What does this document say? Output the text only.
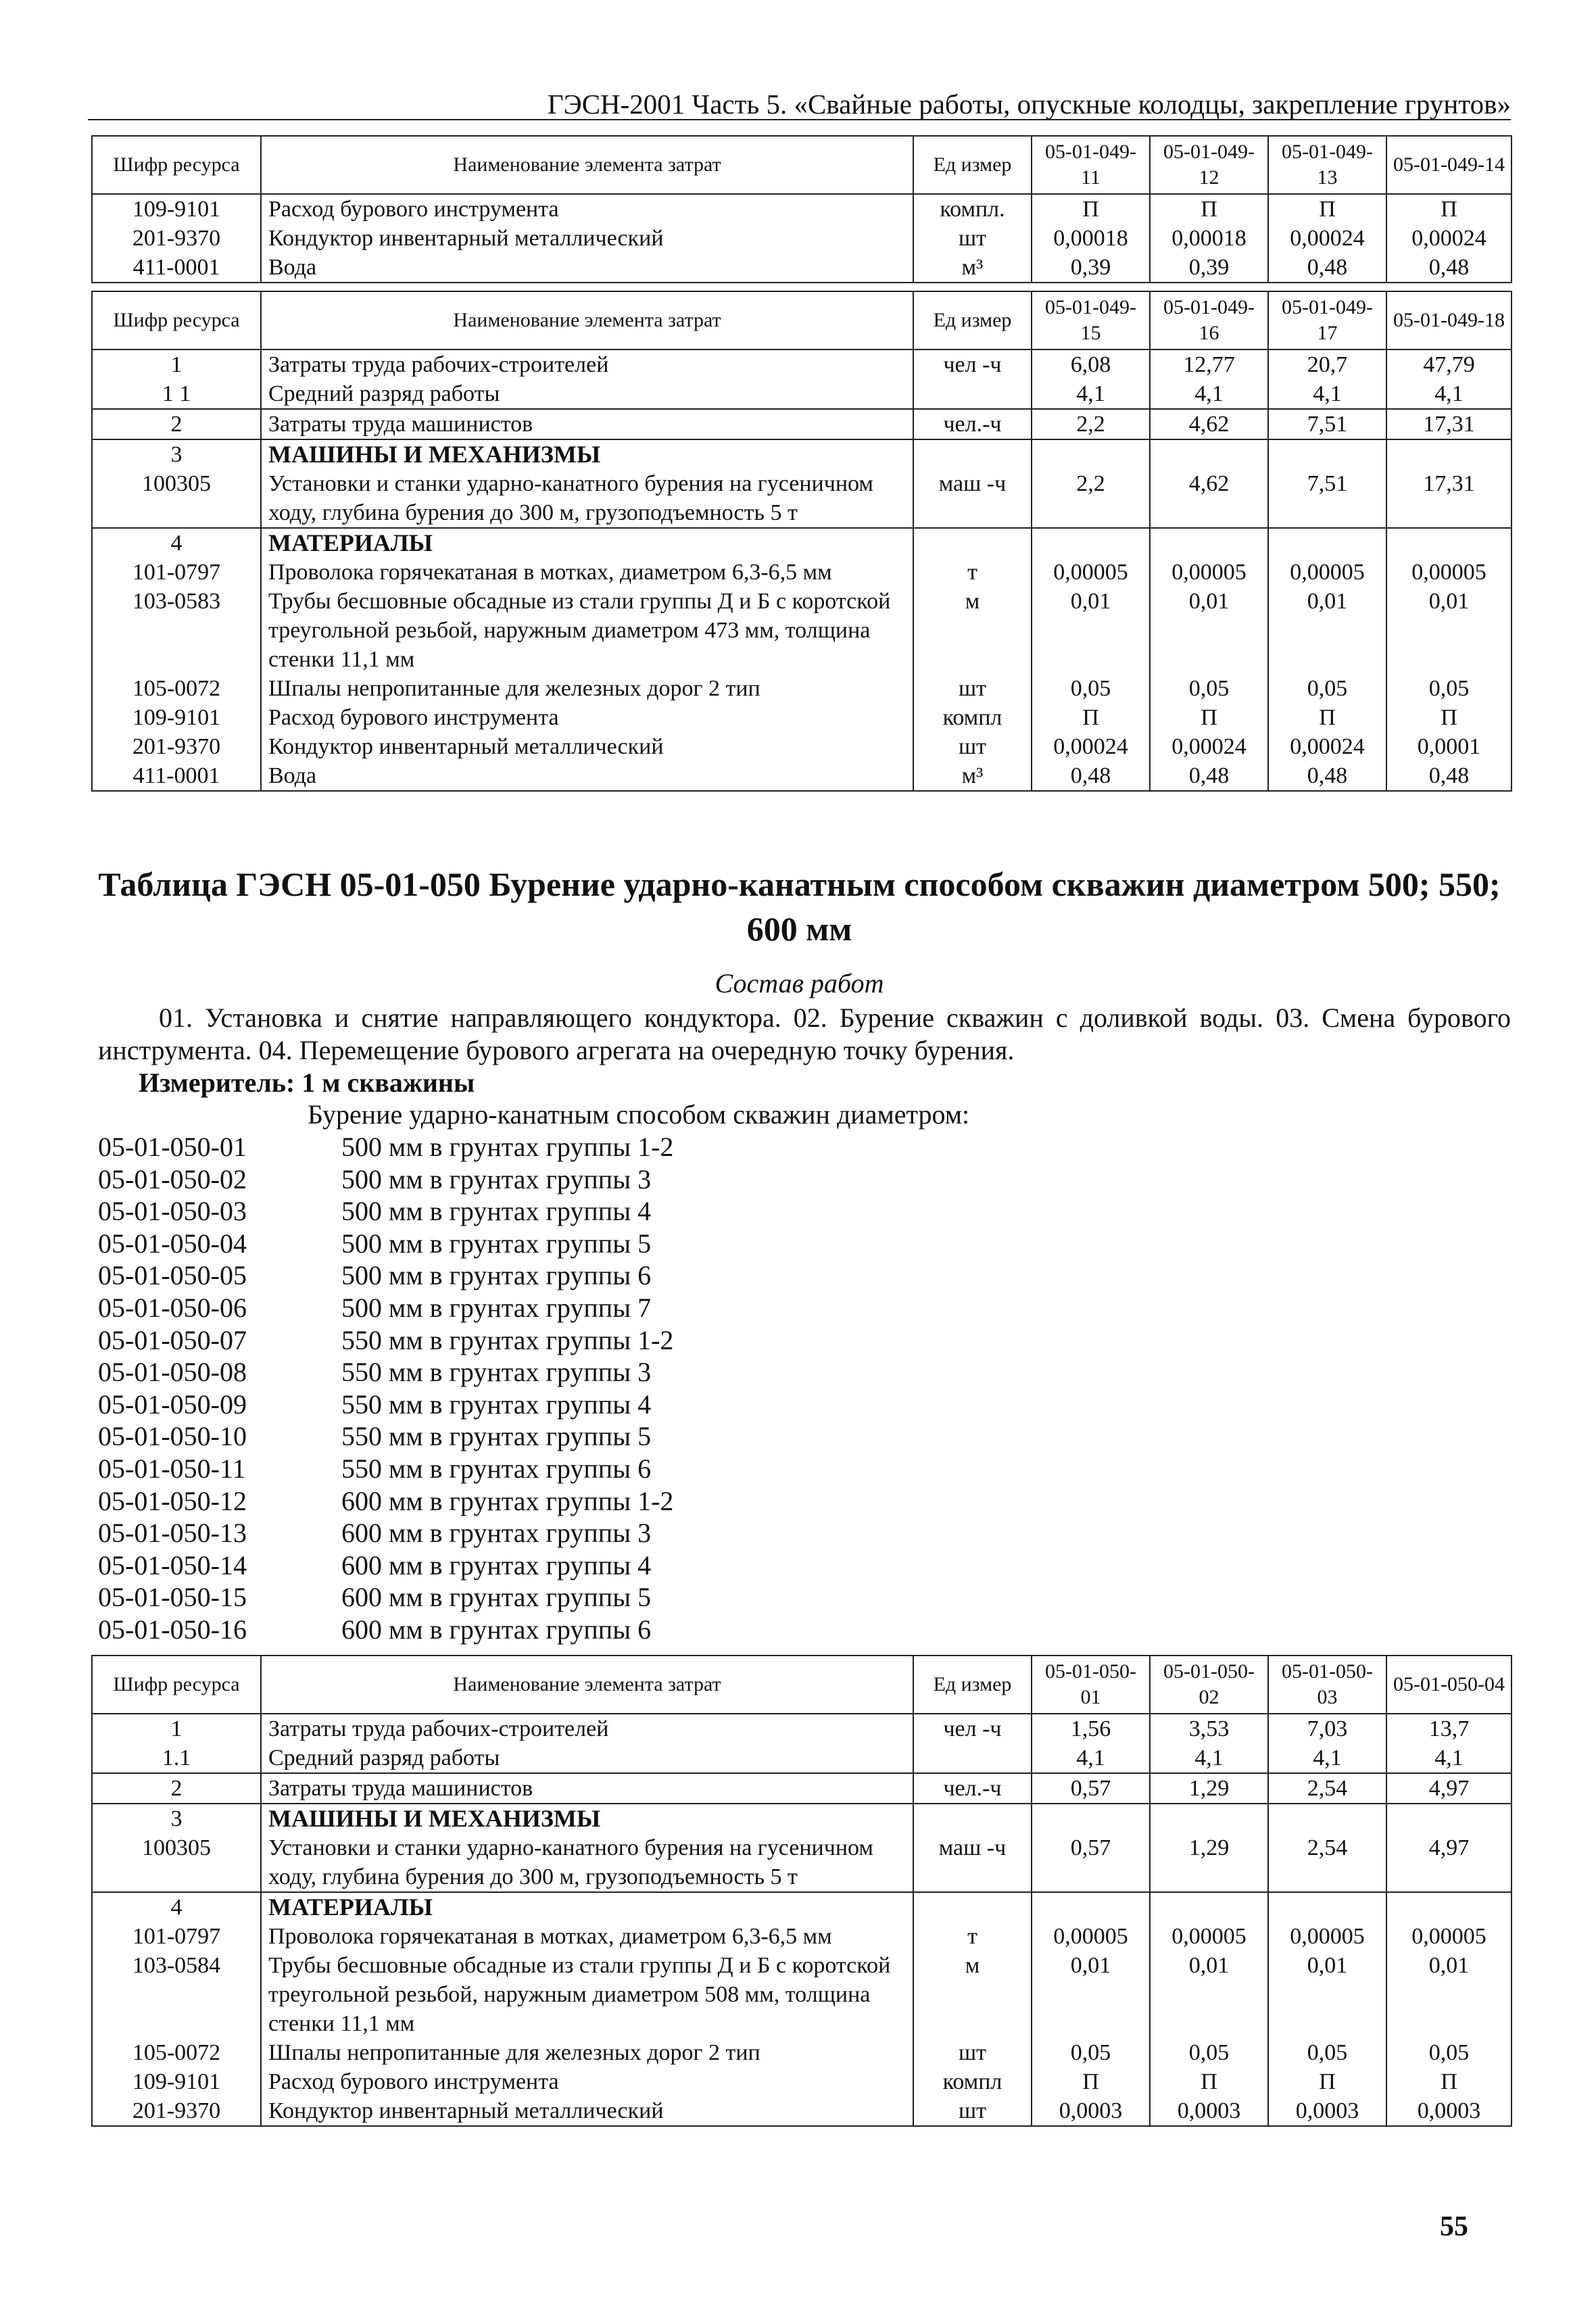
ГЭСН-2001 Часть 5. «Свайные работы, опускные колодцы, закрепление грунтов»
Шифр ресурса	Наименование элемента затрат	Ед измер	05-01-049-11	05-01-049-12	05-01-049-13	05-01-049-14
109-9101	Расход бурового инструмента	компл.	П	П	П	П
201-9370	Кондуктор инвентарный металлический	шт	0,00018	0,00018	0,00024	0,00024
411-0001	Вода	м³	0,39	0,39	0,48	0,48
Шифр ресурса	Наименование элемента затрат	Ед измер	05-01-049-15	05-01-049-16	05-01-049-17	05-01-049-18
1	Затраты труда рабочих-строителей	чел -ч	6,08	12,77	20,7	47,79
1 1	Средний разряд работы		4,1	4,1	4,1	4,1
2	Затраты труда машинистов	чел.-ч	2,2	4,62	7,51	17,31
3	МАШИНЫ И МЕХАНИЗМЫ					
100305	Установки и станки ударно-канатного бурения на гусеничном ходу, глубина бурения до 300 м, грузоподъемность 5 т	маш -ч	2,2	4,62	7,51	17,31
4	МАТЕРИАЛЫ					
101-0797	Проволока горячекатаная в мотках, диаметром 6,3-6,5 мм	т	0,00005	0,00005	0,00005	0,00005
103-0583	Трубы бесшовные обсадные из стали группы Д и Б с коротской треугольной резьбой, наружным диаметром 473 мм, толщина стенки 11,1 мм	м	0,01	0,01	0,01	0,01
105-0072	Шпалы непропитанные для железных дорог 2 тип	шт	0,05	0,05	0,05	0,05
109-9101	Расход бурового инструмента	компл	П	П	П	П
201-9370	Кондуктор инвентарный металлический	шт	0,00024	0,00024	0,00024	0,0001
411-0001	Вода	м³	0,48	0,48	0,48	0,48
Таблица ГЭСН 05-01-050 Бурение ударно-канатным способом скважин диаметром 500; 550; 600 мм
Состав работ
01. Установка и снятие направляющего кондуктора. 02. Бурение скважин с доливкой воды. 03. Смена бурового инструмента. 04. Перемещение бурового агрегата на очередную точку бурения.
Измеритель: 1 м скважины
Бурение ударно-канатным способом скважин диаметром:
05-01-050-01	500 мм в грунтах группы 1-2
05-01-050-02	500 мм в грунтах группы 3
05-01-050-03	500 мм в грунтах группы 4
05-01-050-04	500 мм в грунтах группы 5
05-01-050-05	500 мм в грунтах группы 6
05-01-050-06	500 мм в грунтах группы 7
05-01-050-07	550 мм в грунтах группы 1-2
05-01-050-08	550 мм в грунтах группы 3
05-01-050-09	550 мм в грунтах группы 4
05-01-050-10	550 мм в грунтах группы 5
05-01-050-11	550 мм в грунтах группы 6
05-01-050-12	600 мм в грунтах группы 1-2
05-01-050-13	600 мм в грунтах группы 3
05-01-050-14	600 мм в грунтах группы 4
05-01-050-15	600 мм в грунтах группы 5
05-01-050-16	600 мм в грунтах группы 6
Шифр ресурса	Наименование элемента затрат	Ед измер	05-01-050-01	05-01-050-02	05-01-050-03	05-01-050-04
1	Затраты труда рабочих-строителей	чел -ч	1,56	3,53	7,03	13,7
1.1	Средний разряд работы		4,1	4,1	4,1	4,1
2	Затраты труда машинистов	чел.-ч	0,57	1,29	2,54	4,97
3	МАШИНЫ И МЕХАНИЗМЫ					
100305	Установки и станки ударно-канатного бурения на гусеничном ходу, глубина бурения до 300 м, грузоподъемность 5 т	маш -ч	0,57	1,29	2,54	4,97
4	МАТЕРИАЛЫ					
101-0797	Проволока горячекатаная в мотках, диаметром 6,3-6,5 мм	т	0,00005	0,00005	0,00005	0,00005
103-0584	Трубы бесшовные обсадные из стали группы Д и Б с коротской треугольной резьбой, наружным диаметром 508 мм, толщина стенки 11,1 мм	м	0,01	0,01	0,01	0,01
105-0072	Шпалы непропитанные для железных дорог 2 тип	шт	0,05	0,05	0,05	0,05
109-9101	Расход бурового инструмента	компл	П	П	П	П
201-9370	Кондуктор инвентарный металлический	шт	0,0003	0,0003	0,0003	0,0003
55
